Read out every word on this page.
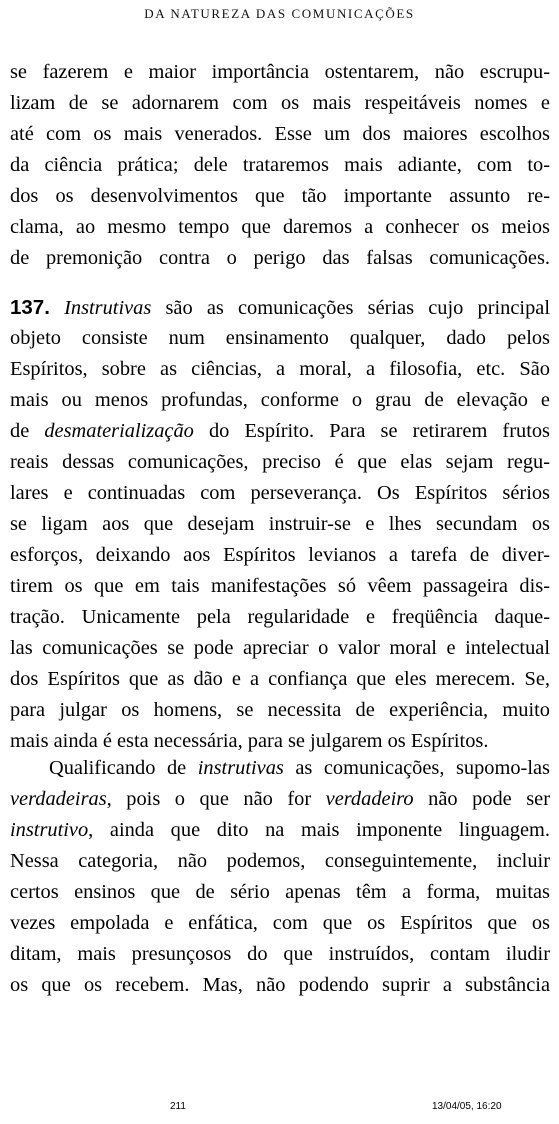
DA NATUREZA DAS COMUNICAÇÕES
se fazerem e maior importância ostentarem, não escrupu-
lizam de se adornarem com os mais respeitáveis nomes e
até com os mais venerados. Esse um dos maiores escolhos
da ciência prática; dele trataremos mais adiante, com to-
dos os desenvolvimentos que tão importante assunto re-
clama, ao mesmo tempo que daremos a conhecer os meios
de premonição contra o perigo das falsas comunicações.
137. Instrutivas são as comunicações sérias cujo principal
objeto consiste num ensinamento qualquer, dado pelos
Espíritos, sobre as ciências, a moral, a filosofia, etc. São
mais ou menos profundas, conforme o grau de elevação e
de desmaterialização do Espírito. Para se retirarem frutos
reais dessas comunicações, preciso é que elas sejam regu-
lares e continuadas com perseverança. Os Espíritos sérios
se ligam aos que desejam instruir-se e lhes secundam os
esforços, deixando aos Espíritos levianos a tarefa de diver-
tirem os que em tais manifestações só vêem passageira dis-
tração. Unicamente pela regularidade e freqüência daque-
las comunicações se pode apreciar o valor moral e intelectual
dos Espíritos que as dão e a confiança que eles merecem. Se,
para julgar os homens, se necessita de experiência, muito
mais ainda é esta necessária, para se julgarem os Espíritos.
Qualificando de instrutivas as comunicações, supomo-las
verdadeiras, pois o que não for verdadeiro não pode ser
instrutivo, ainda que dito na mais imponente linguagem.
Nessa categoria, não podemos, conseguintemente, incluir
certos ensinos que de sério apenas têm a forma, muitas
vezes empolada e enfática, com que os Espíritos que os
ditam, mais presunçosos do que instruídos, contam iludir
os que os recebem. Mas, não podendo suprir a substância
211	13/04/05, 16:20
